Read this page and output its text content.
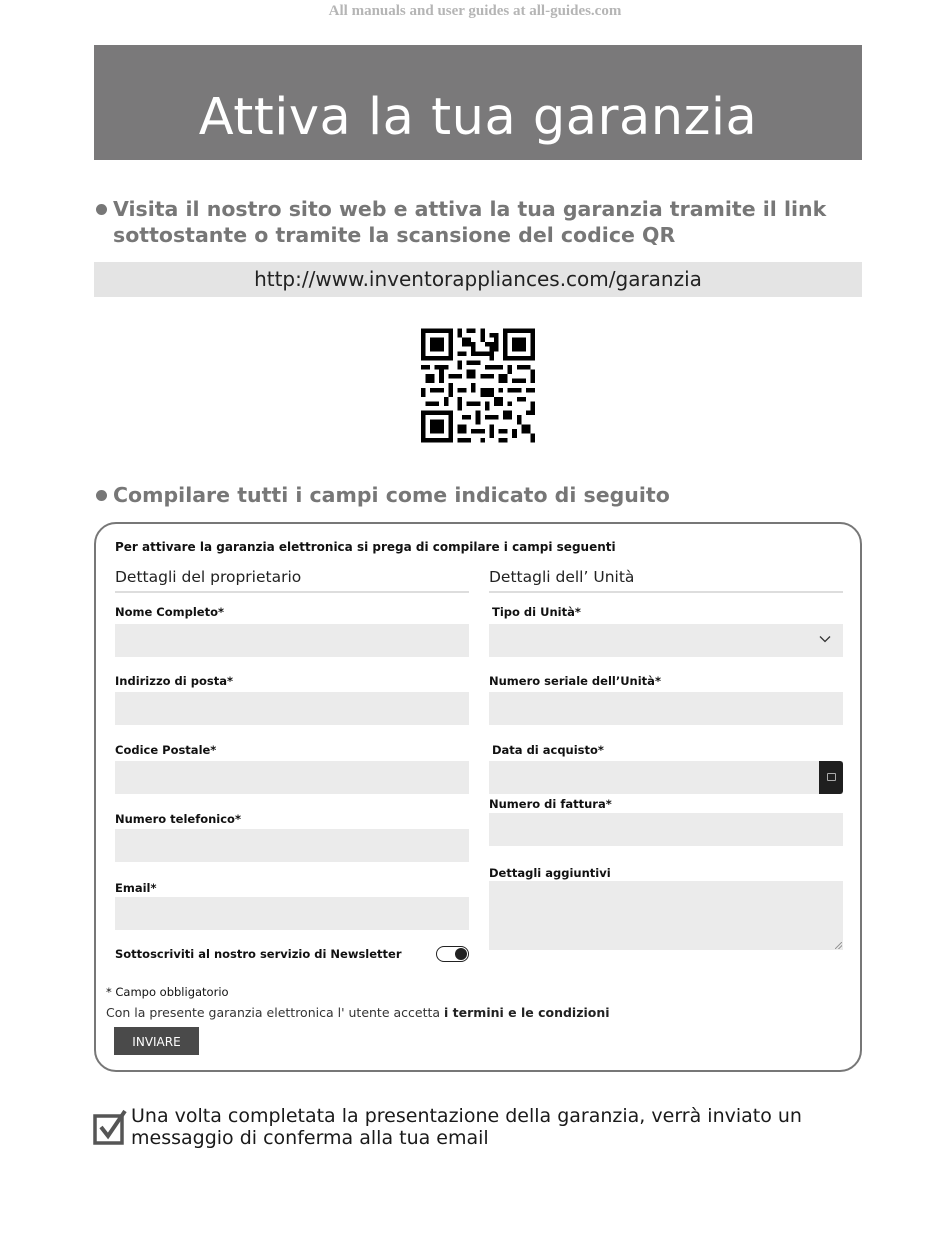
All manuals and user guides at all-guides.com
Attiva la tua garanzia
Visita il nostro sito web e attiva la tua garanzia tramite il link sottostante o tramite la scansione del codice QR
http://www.inventorappliances.com/garanzia
Compilare tutti i campi come indicato di seguito
Per attivare la garanzia elettronica si prega di compilare i campi seguenti
Dettagli del proprietario	Dettagli dell’ Unità
Nome Completo*
Indirizzo di posta*
Codice Postale*
Numero telefonico*
Email*
Sottoscriviti al nostro servizio di Newsletter
Tipo di Unità*
Numero seriale dell’Unità*
Data di acquisto*
Numero di fattura*
Dettagli aggiuntivi
* Campo obbligatorio
Con la presente garanzia elettronica l' utente accetta i termini e le condizioni
INVIARE
Una volta completata la presentazione della garanzia, verrà inviato un messaggio di conferma alla tua email
